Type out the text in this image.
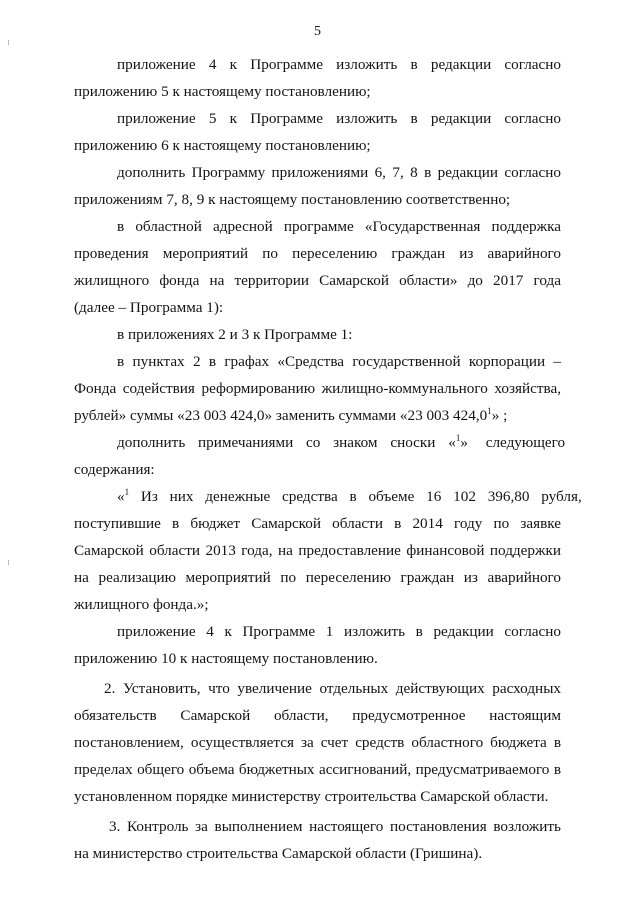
5
приложение 4 к Программе изложить в редакции согласно
приложению 5 к настоящему постановлению;
приложение 5 к Программе изложить в редакции согласно
приложению 6 к настоящему постановлению;
дополнить Программу приложениями 6, 7, 8 в редакции согласно
приложениям 7, 8, 9 к настоящему постановлению соответственно;
в областной адресной программе «Государственная поддержка
проведения мероприятий по переселению граждан из аварийного
жилищного фонда на территории Самарской области» до 2017 года
(далее – Программа 1):
в приложениях 2 и 3 к Программе 1:
в пунктах 2 в графах «Средства государственной корпорации –
Фонда содействия реформированию жилищно-коммунального хозяйства,
рублей» суммы «23 003 424,0» заменить суммами «23 003 424,0$^1$» ;
дополнить примечаниями со знаком сноски «$^1$» следующего
содержания:
«$^1$ Из них денежные средства в объеме 16 102 396,80 рубля,
поступившие в бюджет Самарской области в 2014 году по заявке
Самарской области 2013 года, на предоставление финансовой поддержки
на реализацию мероприятий по переселению граждан из аварийного
жилищного фонда.»;
приложение 4 к Программе 1 изложить в редакции согласно
приложению 10 к настоящему постановлению.
2. Установить, что увеличение отдельных действующих расходных
обязательств Самарской области, предусмотренное настоящим
постановлением, осуществляется за счет средств областного бюджета в
пределах общего объема бюджетных ассигнований, предусматриваемого в
установленном порядке министерству строительства Самарской области.
3. Контроль за выполнением настоящего постановления возложить
на министерство строительства Самарской области (Гришина).
